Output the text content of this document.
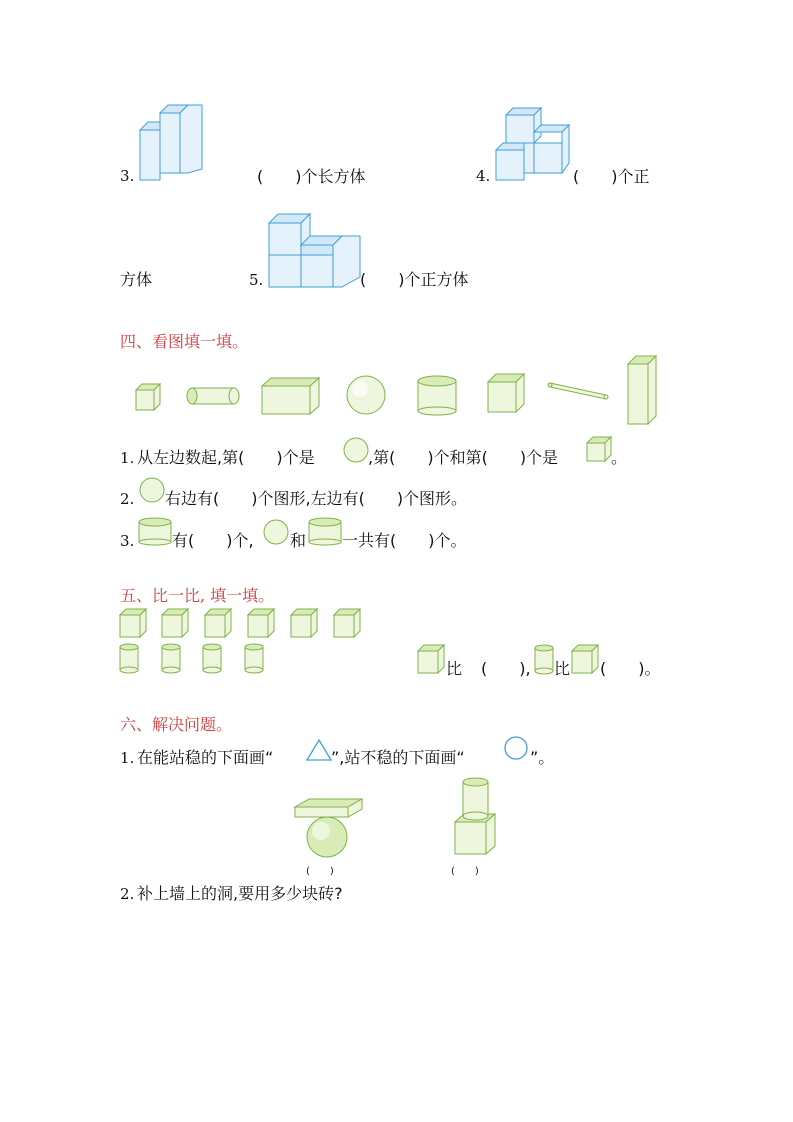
3.	(　　)个长方体	4.	(　　)个正
方体	5.	(　　)个正方体
四、看图填一填。
1. 从左边数起,第(　　)个是	,第(　　)个和第(　　)个是	。
2. 右边有(　　)个图形,左边有(　　)个图形。
3. 有(　　)个, 和 一共有(　　)个。
五、比一比, 填一填。
比 (　　), 比 (　　)。
六、解决问题。
1. 在能站稳的下面画“	”,站不稳的下面画“	”。
(　　)	(　　)
2. 补上墙上的洞,要用多少块砖?
